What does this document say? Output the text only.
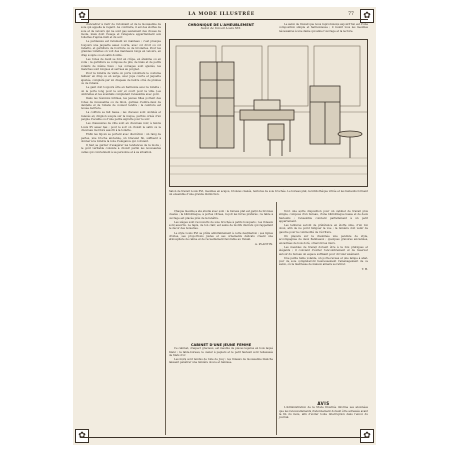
✿
✿
✿
✿
LA MODE ILLUSTRÉE	77

d'encadrer à ravir de l'étonnant et de la mousseline de soie qui appelle le regard. Au contraire, il est des étoffes de soie et de velours qui ne sont pas seulement des choses de mode, mais dont l'usage et l'élégance appartiennent aux toilettes d'après-midi et du soir.

Le pardessus est rarement un manteau ; c'est presque toujours une jaquette assez courte, avec col droit ou col rabattu, et garniture de fourrure ou de broderies. Pour les grandes toilettes on voit des manteaux longs en velours, en drap souple ou en satin doublé.

Les robes de deuil se font en crêpe, en étamine ou en voile ; la garniture se compose de plis, de biais et de petits volants de même tissu ; les corsages sont ajustés, les manches sont longues et serrées au poignet.

Pour la toilette de visite on porte volontiers le costume tailleur en drap ou en serge, avec jupe courte et jaquette ajustée, complété par un chapeau de feutre orné de plumes ou de rubans.

Le gant doit toujours être en harmonie avec la toilette ; on le porte long pour le soir et court pour la ville. Les ombrelles et les éventails complètent l'ensemble avec goût.

Dans les réunions intimes, les jeunes filles portent des robes de mousseline ou de linon, garnies d'entre-deux de dentelle et de rubans de couleur tendre ; la ceinture est nouée derrière.

La coiffure se fait basse ; les cheveux sont ondulés et relevés en chignon souple sur la nuque, parfois ornés d'un peigne d'écaille ou d'une petite aigrette pour le soir.

Les chaussures de ville sont en chevreau noir, à talons Louis XV assez bas ; pour le soir on choisit le satin ou le chevreau mordoré assorti à la toilette.

Enfin les bijoux se portent avec discrétion : un rang de perles, une broche ancienne, un bracelet fin, suffisent à donner à la toilette la note d'élégance qui convient.

Il faut se garder d'exagérer les tendances de la mode ; le goût véritable consiste à choisir parmi les nouveautés celles qui conviennent à sa personne et à sa situation.

CHRONIQUE DE L'AMEUBLEMENT

Salon de travail Louis XVI.

Le salon de travail que nous reproduisons aujourd'hui est d'une composition simple et harmonieuse ; il réunit tous les meubles nécessaires à une dame qui aime l'ouvrage et la lecture.

Salon de travail Louis XVI, meubles en acajou, bronzes ciselés, tentures de soie brochée. Le bureau plat, la bibliothèque vitrée et les fauteuils forment un ensemble d'une grande distinction.

Chaque meuble a été étudié avec soin : le bureau plat est garni de bronzes ciselés ; la bibliothèque, à portes vitrées, reçoit les livres préférés ; la table à ouvrage est placée près de la fenêtre.

Les sièges sont recouverts de soie brochée à petits bouquets ; les rideaux sont assortis. Le tapis, de ton clair, est semé de motifs discrets qui rappellent le décor des boiseries.

Le style Louis XVI se prête admirablement à cette destination ; ses lignes droites, ses proportions justes et ses ornements délicats créent une atmosphère de calme et de recueillement favorable au travail.

A. PLANTIN.

Voici une autre disposition pour un cabinet de travail plus simple, composé d'un bureau, d'une bibliothèque basse et de deux fauteuils ; l'ensemble convient parfaitement à un petit appartement.

Les tentures seront de préférence en étoffe unie, d'un ton doux, afin de ne point fatiguer la vue ; la lumière doit venir de gauche pour la commodité de l'écriture.

On placera sur la cheminée une pendule de style, accompagnée de deux flambeaux ; quelques gravures anciennes, encadrées de bois doré, orneront les murs.

Les meubles de travail doivent être à la fois pratiques et élégants ; il convient d'éviter l'encombrement et de réserver autour du bureau un espace suffisant pour circuler aisément.

Une petite table volante, un porte-revues et une lampe à abat-jour de soie compléteront heureusement l'aménagement de ce salon, où la maîtresse de maison aimera se retirer.

T. B.

CABINET D'UNE JEUNE FEMME

Ce cabinet, d'aspect gracieux, est meublé de pièces légères en bois laqué blanc ; la table-bureau, le casier à papiers et le petit fauteuil sont rehaussés de filets d'or.

Les murs sont tendus de toile de Jouy ; les rideaux de mousseline blanche laissent pénétrer une lumière douce et tamisée.

AVIS

L'Administration de la Mode Illustrée informe ses abonnées que les renouvellements d'abonnement doivent être adressés avant la fin du mois, afin d'éviter toute interruption dans l'envoi du journal.
